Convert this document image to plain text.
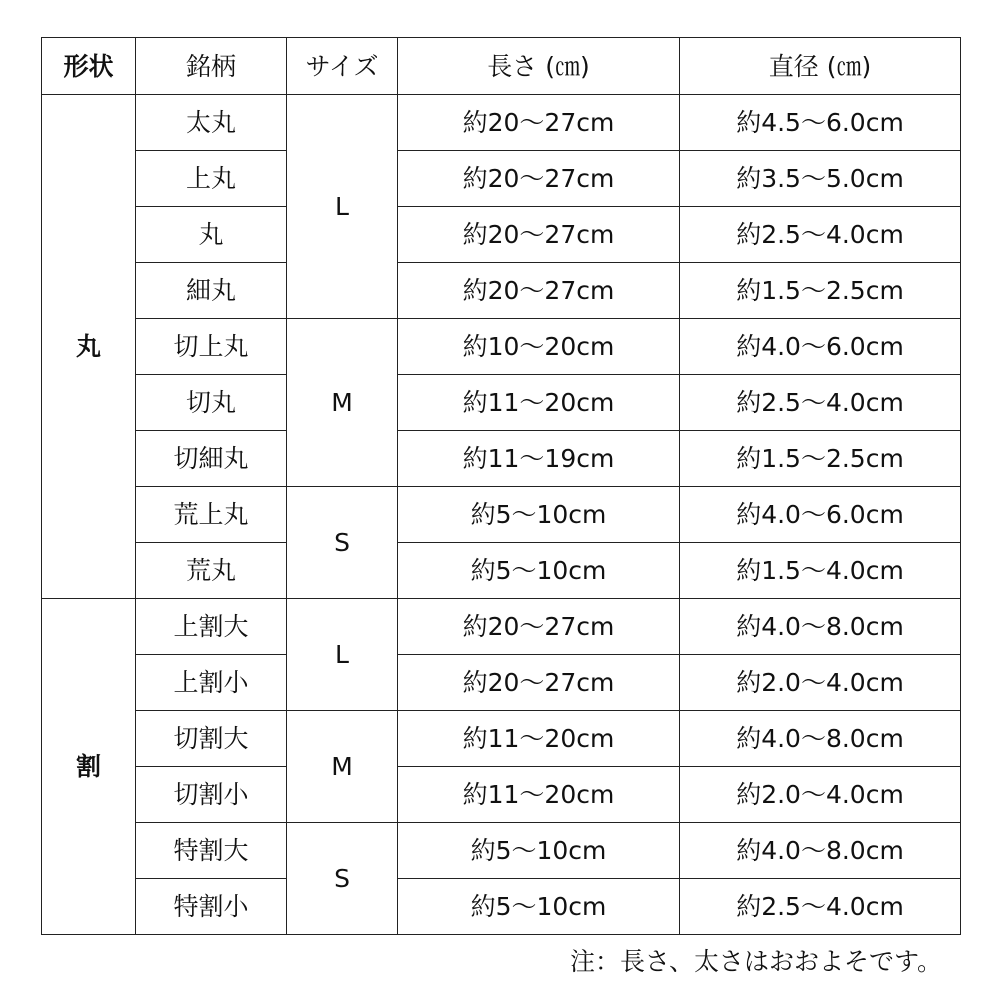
形状	銘柄	サイズ	長さ (㎝)	直径 (㎝)
丸	太丸	L	約20～27cm	約4.5～6.0cm
	上丸		約20～27cm	約3.5～5.0cm
	丸		約20～27cm	約2.5～4.0cm
	細丸		約20～27cm	約1.5～2.5cm
	切上丸	M	約10～20cm	約4.0～6.0cm
	切丸		約11～20cm	約2.5～4.0cm
	切細丸		約11～19cm	約1.5～2.5cm
	荒上丸	S	約5～10cm	約4.0～6.0cm
	荒丸		約5～10cm	約1.5～4.0cm
割	上割大	L	約20～27cm	約4.0～8.0cm
	上割小		約20～27cm	約2.0～4.0cm
	切割大	M	約11～20cm	約4.0～8.0cm
	切割小		約11～20cm	約2.0～4.0cm
	特割大	S	約5～10cm	約4.0～8.0cm
	特割小		約5～10cm	約2.5～4.0cm
注：長さ、太さはおおよそです。
